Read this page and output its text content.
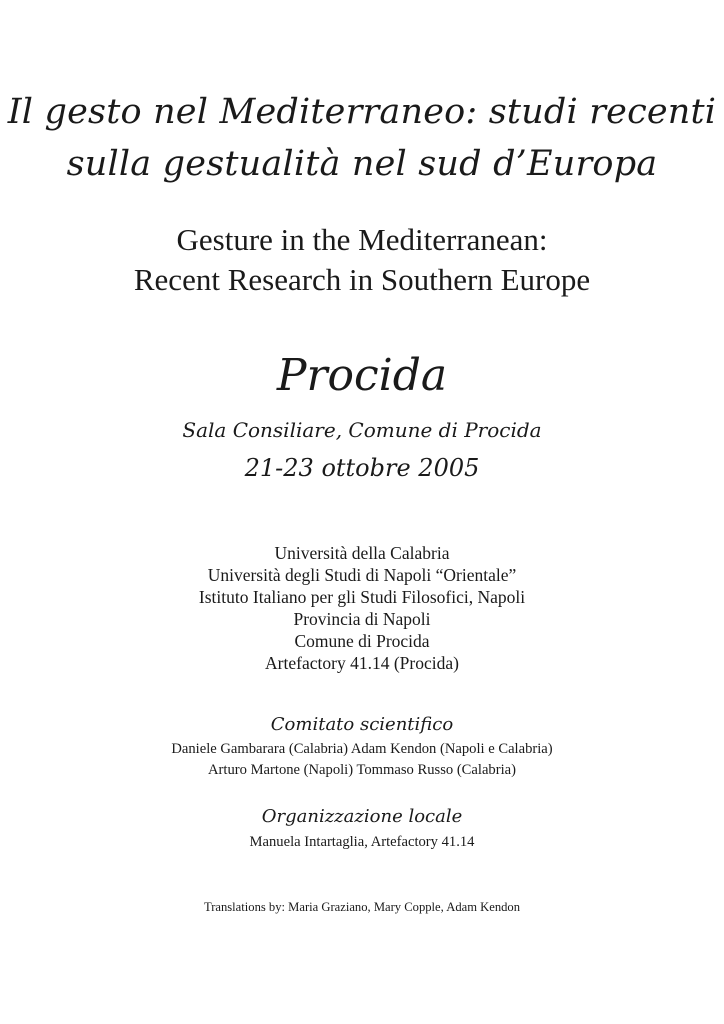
Il gesto nel Mediterraneo: studi recenti
sulla gestualità nel sud d’Europa
Gesture in the Mediterranean:
Recent Research in Southern Europe
Procida
Sala Consiliare, Comune di Procida
21-23 ottobre 2005
Università della Calabria
Università degli Studi di Napoli “Orientale”
Istituto Italiano per gli Studi Filosofici, Napoli
Provincia di Napoli
Comune di Procida
Artefactory 41.14 (Procida)
Comitato scientifico
Daniele Gambarara (Calabria) Adam Kendon (Napoli e Calabria)
Arturo Martone (Napoli) Tommaso Russo (Calabria)
Organizzazione locale
Manuela Intartaglia, Artefactory 41.14
Translations by: Maria Graziano, Mary Copple, Adam Kendon
